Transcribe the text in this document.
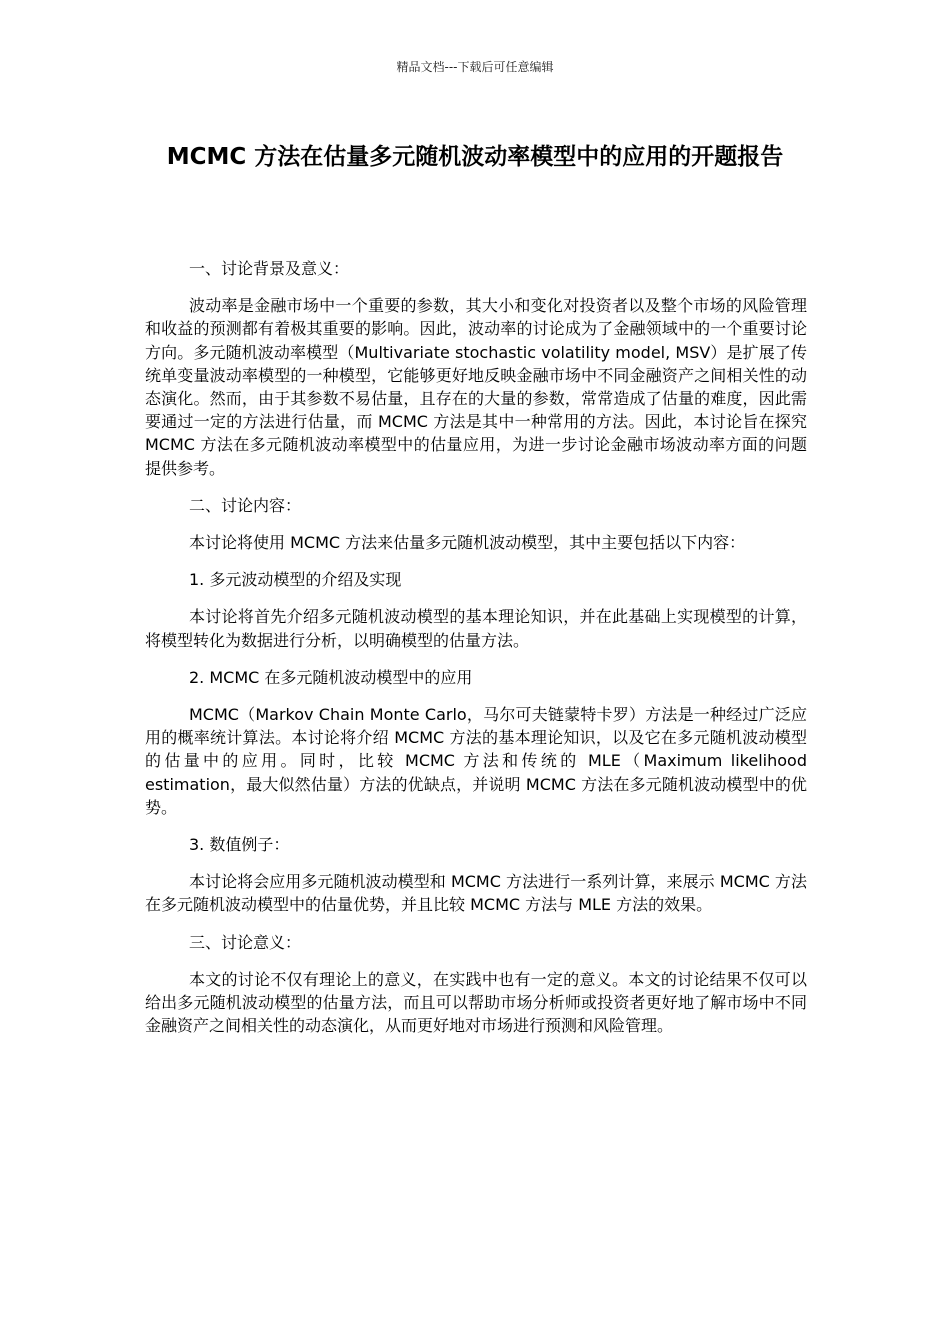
精品文档---下载后可任意编辑
MCMC 方法在估量多元随机波动率模型中的应用的开题报告

一、讨论背景及意义：

波动率是金融市场中一个重要的参数，其大小和变化对投资者以及整个市场的风险管理和收益的预测都有着极其重要的影响。因此，波动率的讨论成为了金融领域中的一个重要讨论方向。多元随机波动率模型（Multivariate stochastic volatility model, MSV）是扩展了传统单变量波动率模型的一种模型，它能够更好地反映金融市场中不同金融资产之间相关性的动态演化。然而，由于其参数不易估量，且存在的大量的参数，常常造成了估量的难度，因此需要通过一定的方法进行估量，而 MCMC 方法是其中一种常用的方法。因此，本讨论旨在探究 MCMC 方法在多元随机波动率模型中的估量应用，为进一步讨论金融市场波动率方面的问题提供参考。

二、讨论内容：

本讨论将使用 MCMC 方法来估量多元随机波动模型，其中主要包括以下内容：

1. 多元波动模型的介绍及实现

本讨论将首先介绍多元随机波动模型的基本理论知识，并在此基础上实现模型的计算，将模型转化为数据进行分析，以明确模型的估量方法。

2. MCMC 在多元随机波动模型中的应用

MCMC（Markov Chain Monte Carlo，马尔可夫链蒙特卡罗）方法是一种经过广泛应用的概率统计算法。本讨论将介绍 MCMC 方法的基本理论知识，以及它在多元随机波动模型的估量中的应用。同时，比较 MCMC 方法和传统的 MLE（Maximum likelihood estimation，最大似然估量）方法的优缺点，并说明 MCMC 方法在多元随机波动模型中的优势。

3. 数值例子：

本讨论将会应用多元随机波动模型和 MCMC 方法进行一系列计算，来展示 MCMC 方法在多元随机波动模型中的估量优势，并且比较 MCMC 方法与 MLE 方法的效果。

三、讨论意义：

本文的讨论不仅有理论上的意义，在实践中也有一定的意义。本文的讨论结果不仅可以给出多元随机波动模型的估量方法，而且可以帮助市场分析师或投资者更好地了解市场中不同金融资产之间相关性的动态演化，从而更好地对市场进行预测和风险管理。
